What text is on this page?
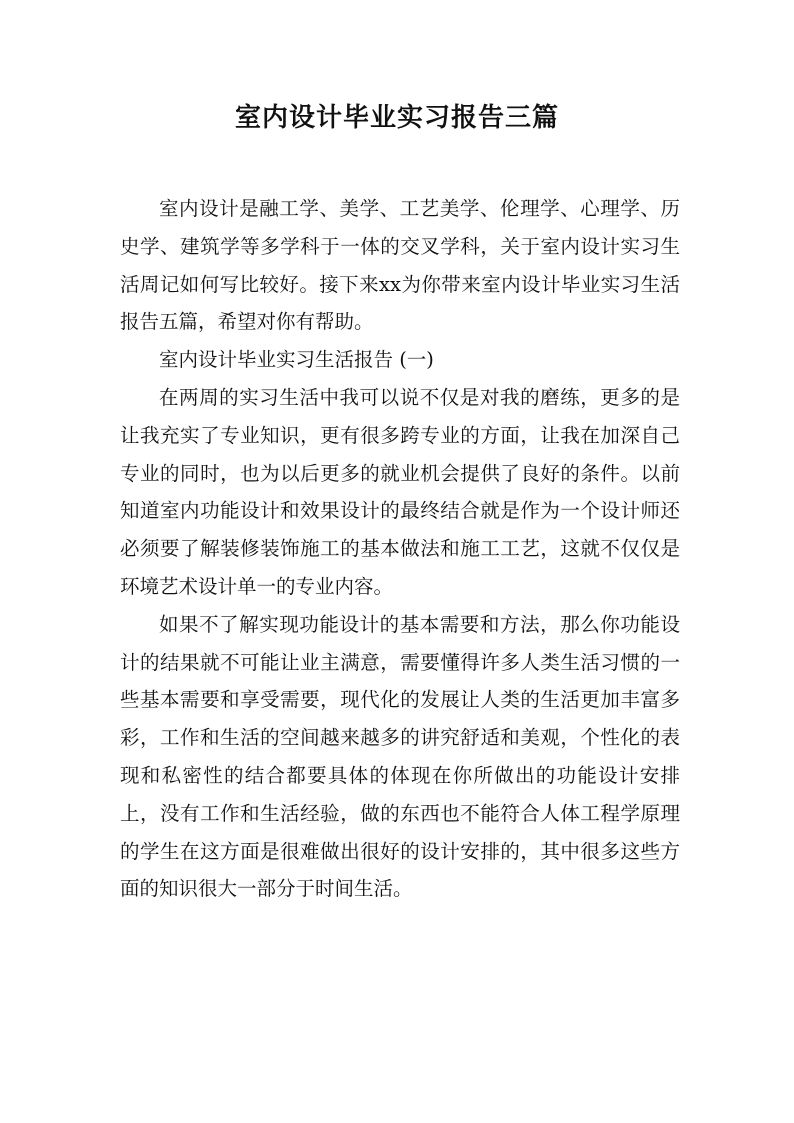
室内设计毕业实习报告三篇

室内设计是融工学、美学、工艺美学、伦理学、心理学、历史学、建筑学等多学科于一体的交叉学科，关于室内设计实习生活周记如何写比较好。接下来xx为你带来室内设计毕业实习生活报告五篇，希望对你有帮助。

室内设计毕业实习生活报告 (一)

在两周的实习生活中我可以说不仅是对我的磨练，更多的是让我充实了专业知识，更有很多跨专业的方面，让我在加深自己专业的同时，也为以后更多的就业机会提供了良好的条件。以前知道室内功能设计和效果设计的最终结合就是作为一个设计师还必须要了解装修装饰施工的基本做法和施工工艺，这就不仅仅是环境艺术设计单一的专业内容。

如果不了解实现功能设计的基本需要和方法，那么你功能设计的结果就不可能让业主满意，需要懂得许多人类生活习惯的一些基本需要和享受需要，现代化的发展让人类的生活更加丰富多彩，工作和生活的空间越来越多的讲究舒适和美观，个性化的表现和私密性的结合都要具体的体现在你所做出的功能设计安排上，没有工作和生活经验，做的东西也不能符合人体工程学原理的学生在这方面是很难做出很好的设计安排的，其中很多这些方面的知识很大一部分于时间生活。
